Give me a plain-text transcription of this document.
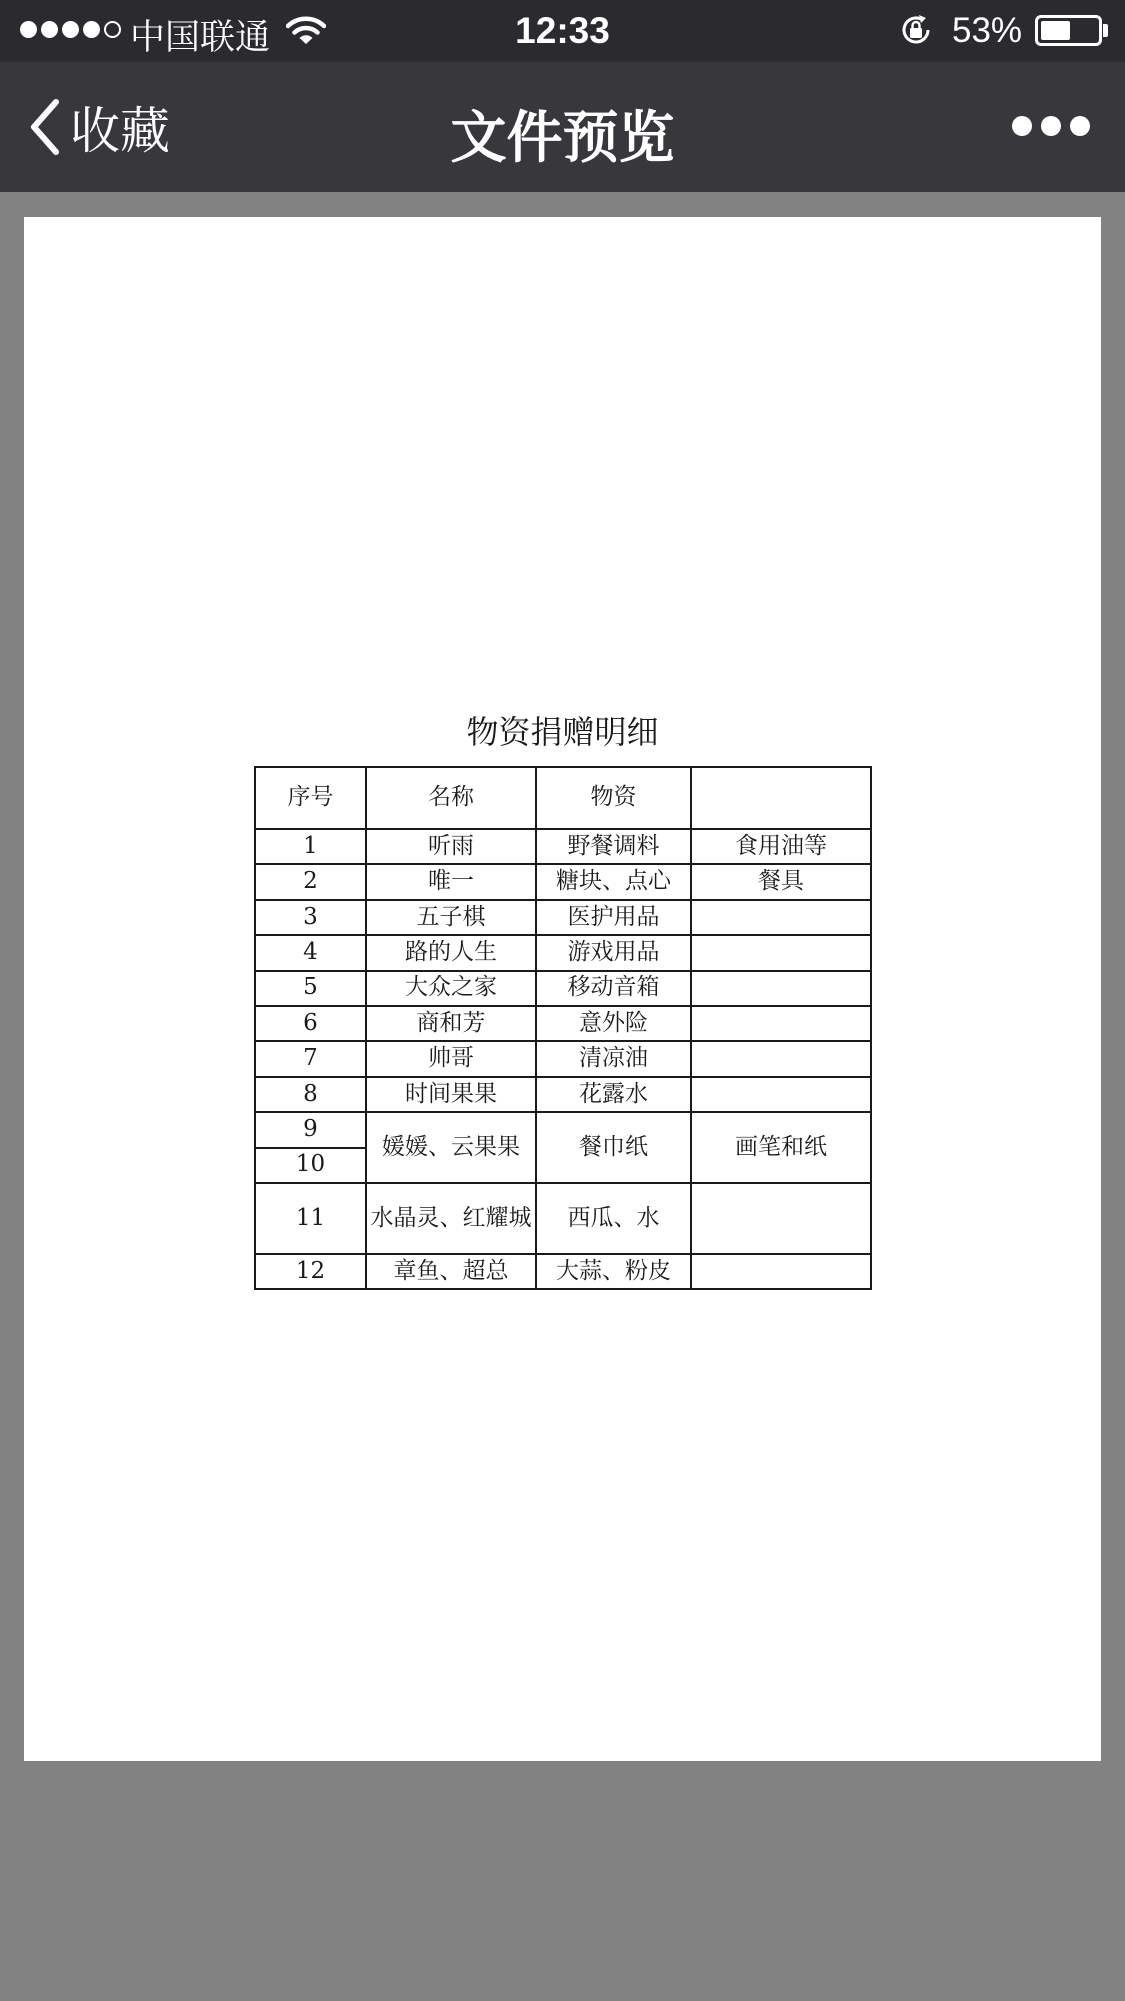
中国联通	12:33	53%
收藏	文件预览
物资捐赠明细
序号	名称	物资	
1	听雨	野餐调料	食用油等
2	唯一	糖块、点心	餐具
3	五子棋	医护用品	
4	路的人生	游戏用品	
5	大众之家	移动音箱	
6	商和芳	意外险	
7	帅哥	清凉油	
8	时间果果	花露水	
9	媛媛、云果果	餐巾纸	画笔和纸
10			
11	水晶灵、红耀城	西瓜、水	
12	章鱼、超总	大蒜、粉皮	
